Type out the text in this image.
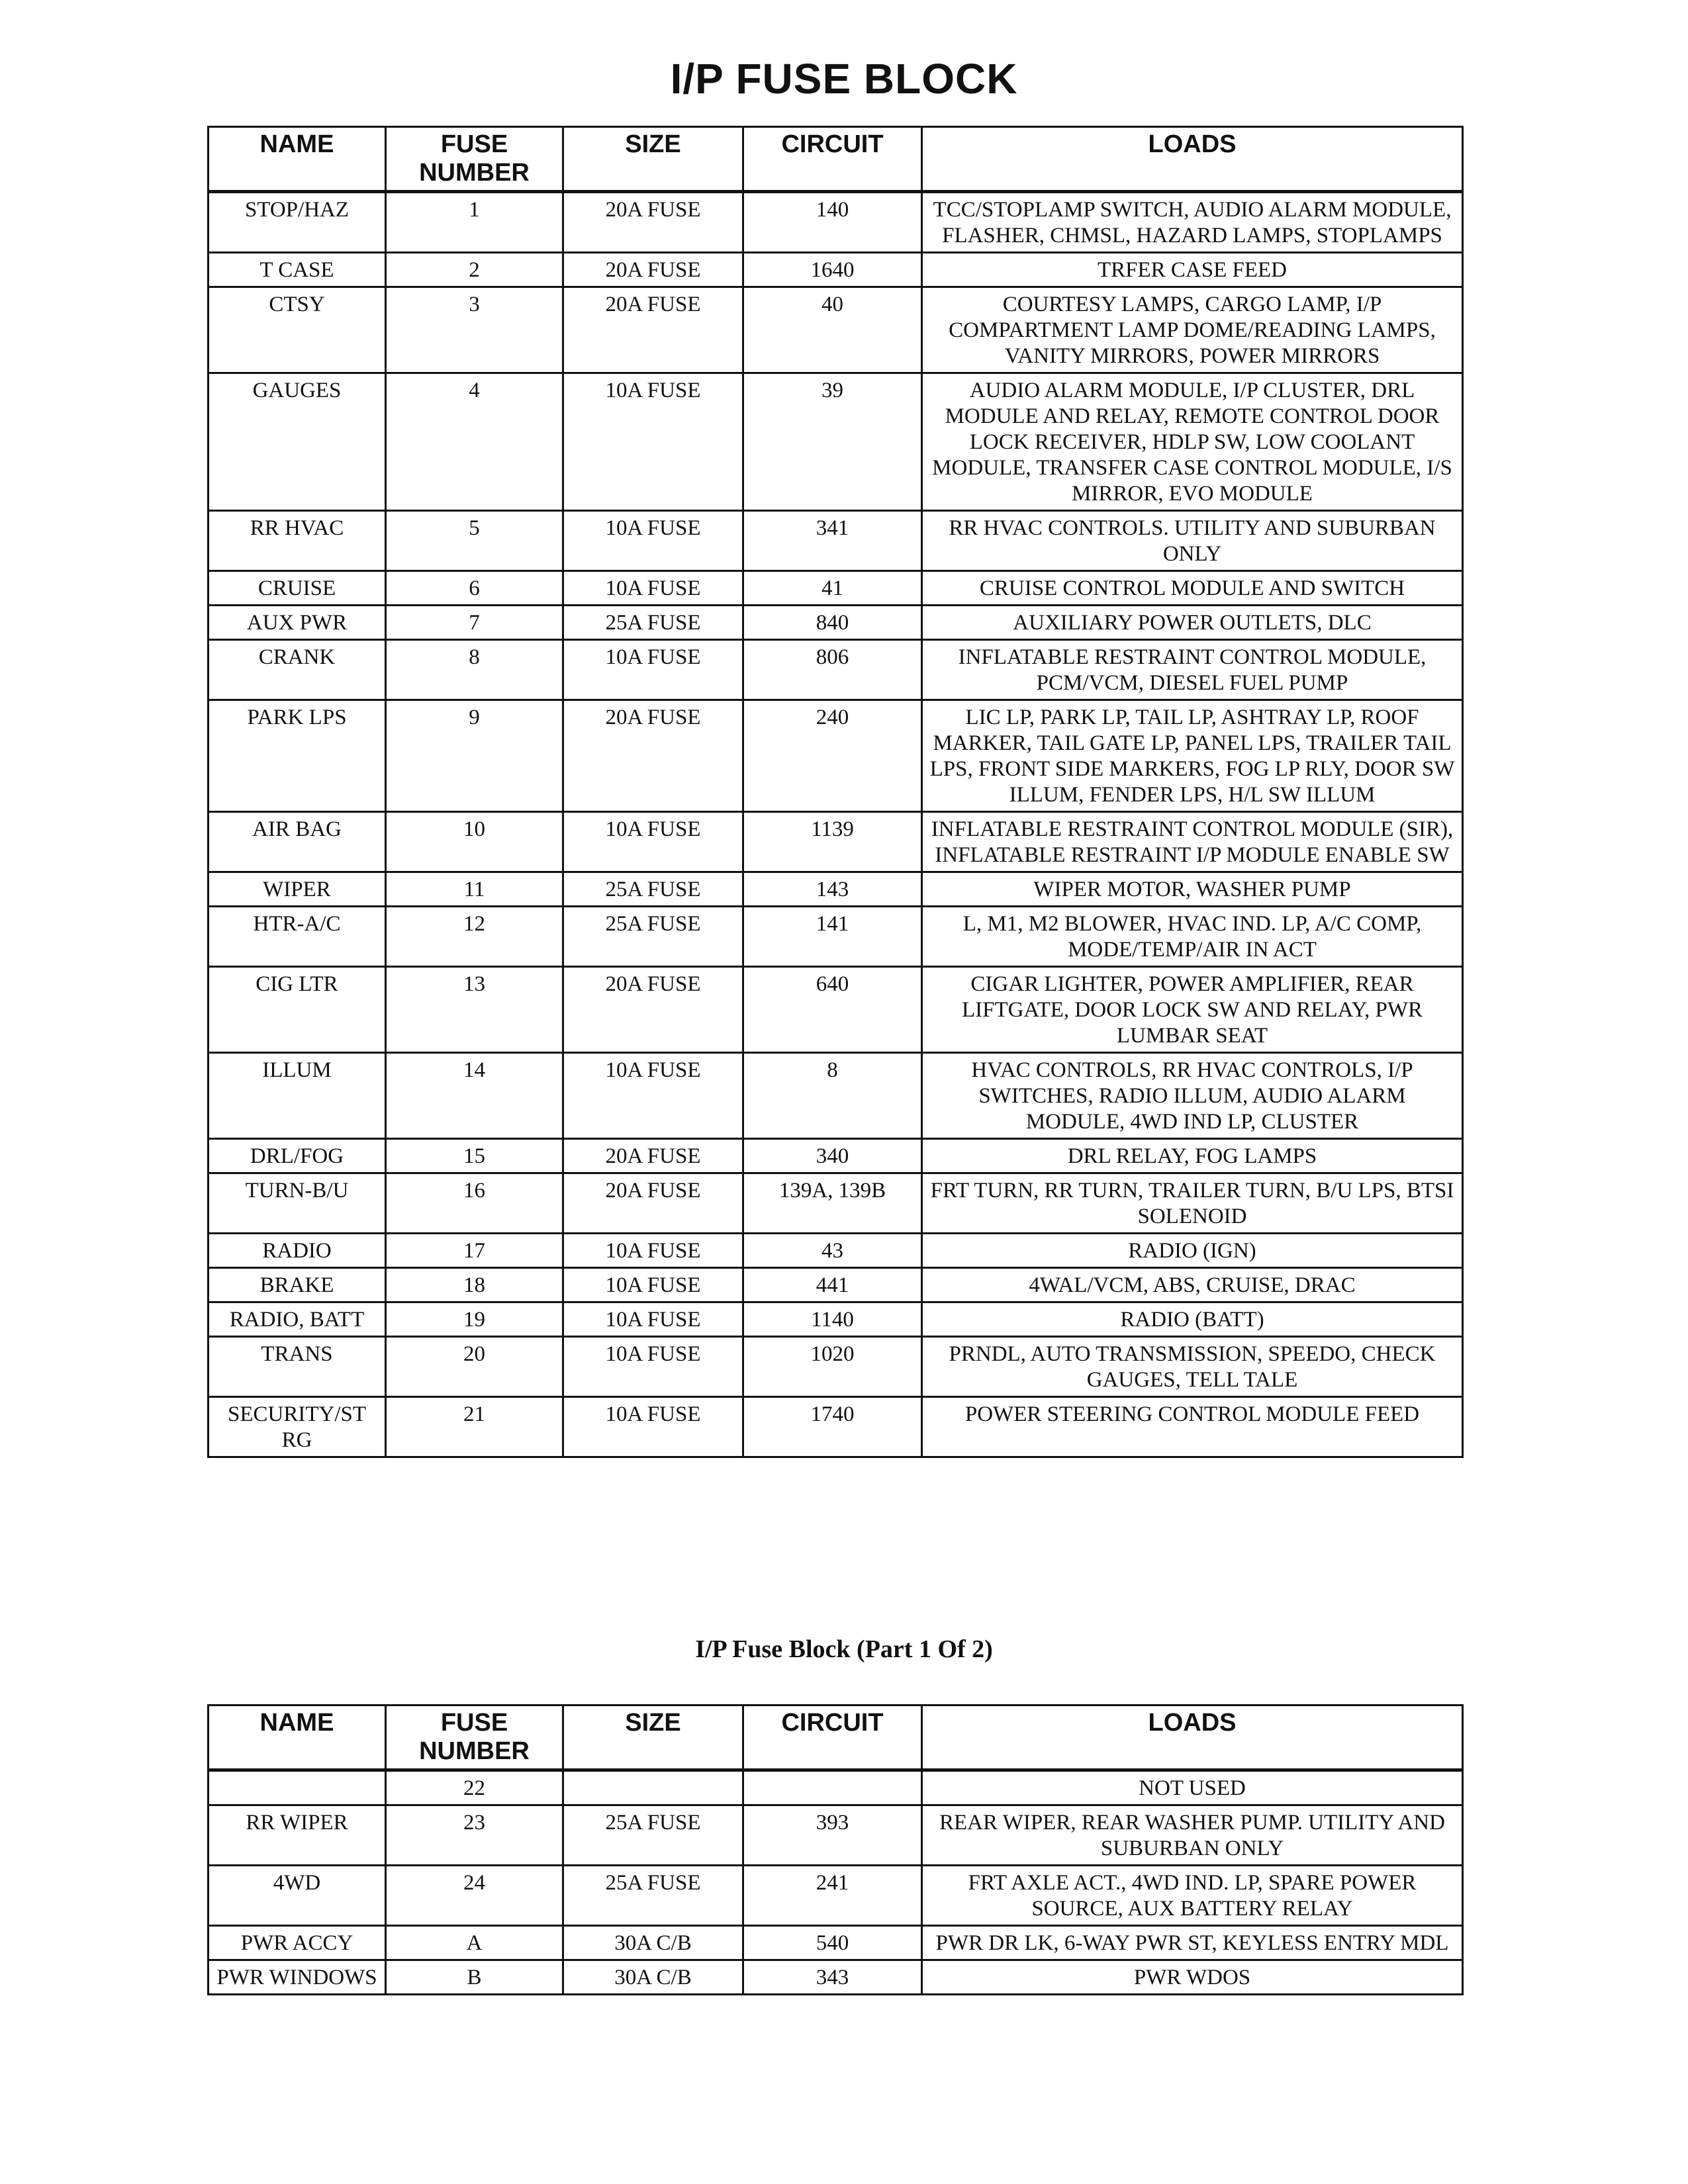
I/P FUSE BLOCK
NAME	FUSE NUMBER	SIZE	CIRCUIT	LOADS
STOP/HAZ	1	20A FUSE	140	TCC/STOPLAMP SWITCH, AUDIO ALARM MODULE, FLASHER, CHMSL, HAZARD LAMPS, STOPLAMPS
T CASE	2	20A FUSE	1640	TRFER CASE FEED
CTSY	3	20A FUSE	40	COURTESY LAMPS, CARGO LAMP, I/P COMPARTMENT LAMP DOME/READING LAMPS, VANITY MIRRORS, POWER MIRRORS
GAUGES	4	10A FUSE	39	AUDIO ALARM MODULE, I/P CLUSTER, DRL MODULE AND RELAY, REMOTE CONTROL DOOR LOCK RECEIVER, HDLP SW, LOW COOLANT MODULE, TRANSFER CASE CONTROL MODULE, I/S MIRROR, EVO MODULE
RR HVAC	5	10A FUSE	341	RR HVAC CONTROLS. UTILITY AND SUBURBAN ONLY
CRUISE	6	10A FUSE	41	CRUISE CONTROL MODULE AND SWITCH
AUX PWR	7	25A FUSE	840	AUXILIARY POWER OUTLETS, DLC
CRANK	8	10A FUSE	806	INFLATABLE RESTRAINT CONTROL MODULE, PCM/VCM, DIESEL FUEL PUMP
PARK LPS	9	20A FUSE	240	LIC LP, PARK LP, TAIL LP, ASHTRAY LP, ROOF MARKER, TAIL GATE LP, PANEL LPS, TRAILER TAIL LPS, FRONT SIDE MARKERS, FOG LP RLY, DOOR SW ILLUM, FENDER LPS, H/L SW ILLUM
AIR BAG	10	10A FUSE	1139	INFLATABLE RESTRAINT CONTROL MODULE (SIR), INFLATABLE RESTRAINT I/P MODULE ENABLE SW
WIPER	11	25A FUSE	143	WIPER MOTOR, WASHER PUMP
HTR-A/C	12	25A FUSE	141	L, M1, M2 BLOWER, HVAC IND. LP, A/C COMP, MODE/TEMP/AIR IN ACT
CIG LTR	13	20A FUSE	640	CIGAR LIGHTER, POWER AMPLIFIER, REAR LIFTGATE, DOOR LOCK SW AND RELAY, PWR LUMBAR SEAT
ILLUM	14	10A FUSE	8	HVAC CONTROLS, RR HVAC CONTROLS, I/P SWITCHES, RADIO ILLUM, AUDIO ALARM MODULE, 4WD IND LP, CLUSTER
DRL/FOG	15	20A FUSE	340	DRL RELAY, FOG LAMPS
TURN-B/U	16	20A FUSE	139A, 139B	FRT TURN, RR TURN, TRAILER TURN, B/U LPS, BTSI SOLENOID
RADIO	17	10A FUSE	43	RADIO (IGN)
BRAKE	18	10A FUSE	441	4WAL/VCM, ABS, CRUISE, DRAC
RADIO, BATT	19	10A FUSE	1140	RADIO (BATT)
TRANS	20	10A FUSE	1020	PRNDL, AUTO TRANSMISSION, SPEEDO, CHECK GAUGES, TELL TALE
SECURITY/ST RG	21	10A FUSE	1740	POWER STEERING CONTROL MODULE FEED
I/P Fuse Block (Part 1 Of 2)
NAME	FUSE NUMBER	SIZE	CIRCUIT	LOADS
	22			NOT USED
RR WIPER	23	25A FUSE	393	REAR WIPER, REAR WASHER PUMP. UTILITY AND SUBURBAN ONLY
4WD	24	25A FUSE	241	FRT AXLE ACT., 4WD IND. LP, SPARE POWER SOURCE, AUX BATTERY RELAY
PWR ACCY	A	30A C/B	540	PWR DR LK, 6-WAY PWR ST, KEYLESS ENTRY MDL
PWR WINDOWS	B	30A C/B	343	PWR WDOS
